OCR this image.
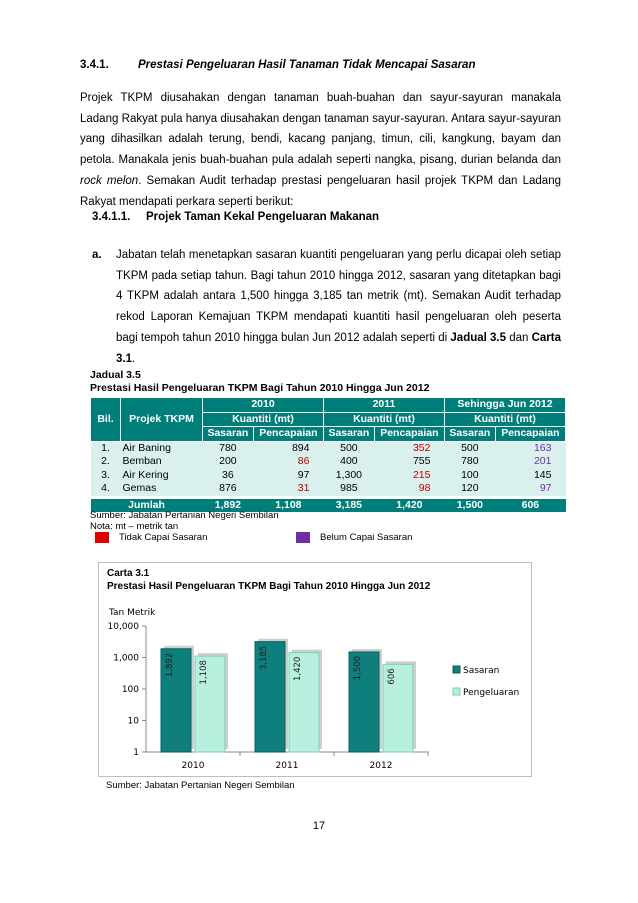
3.4.1.	Prestasi Pengeluaran Hasil Tanaman Tidak Mencapai Sasaran

Projek TKPM diusahakan dengan tanaman buah-buahan dan sayur-sayuran manakala Ladang Rakyat pula hanya diusahakan dengan tanaman sayur-sayuran. Antara sayur-sayuran yang dihasilkan adalah terung, bendi, kacang panjang, timun, cili, kangkung, bayam dan petola. Manakala jenis buah-buahan pula adalah seperti nangka, pisang, durian belanda dan rock melon. Semakan Audit terhadap prestasi pengeluaran hasil projek TKPM dan Ladang Rakyat mendapati perkara seperti berikut:

3.4.1.1. Projek Taman Kekal Pengeluaran Makanan
a. Jabatan telah menetapkan sasaran kuantiti pengeluaran yang perlu dicapai oleh setiap TKPM pada setiap tahun. Bagi tahun 2010 hingga 2012, sasaran yang ditetapkan bagi 4 TKPM adalah antara 1,500 hingga 3,185 tan metrik (mt). Semakan Audit terhadap rekod Laporan Kemajuan TKPM mendapati kuantiti hasil pengeluaran oleh peserta bagi tempoh tahun 2010 hingga bulan Jun 2012 adalah seperti di Jadual 3.5 dan Carta 3.1.
Jadual 3.5
Prestasi Hasil Pengeluaran TKPM Bagi Tahun 2010 Hingga Jun 2012
Bil.	Projek TKPM	2010		2011		Sehingga Jun 2012	
		Kuantiti (mt)		Kuantiti (mt)		Kuantiti (mt)	
		Sasaran	Pencapaian	Sasaran	Pencapaian	Sasaran	Pencapaian
1.	Air Baning	780	894	500	352	500	163
2.	Bemban	200	86	400	755	780	201
3.	Air Kering	36	97	1,300	215	100	145
4.	Gemas	876	31	985	98	120	97
Jumlah		1,892	1,108	3,185	1,420	1,500	606
Sumber: Jabatan Pertanian Negeri Sembilan
Nota: mt – metrik tan
Tidak Capai Sasaran	Belum Capai Sasaran
Carta 3.1
Prestasi Hasil Pengeluaran TKPM Bagi Tahun 2010 Hingga Jun 2012
Tan Metrik
1
10
100
1,000
10,000
2010
1,892	1,108
2011
3,185	1,420
2012
1,500	606	Sasaran
Pengeluaran
Sumber: Jabatan Pertanian Negeri Sembilan
17
